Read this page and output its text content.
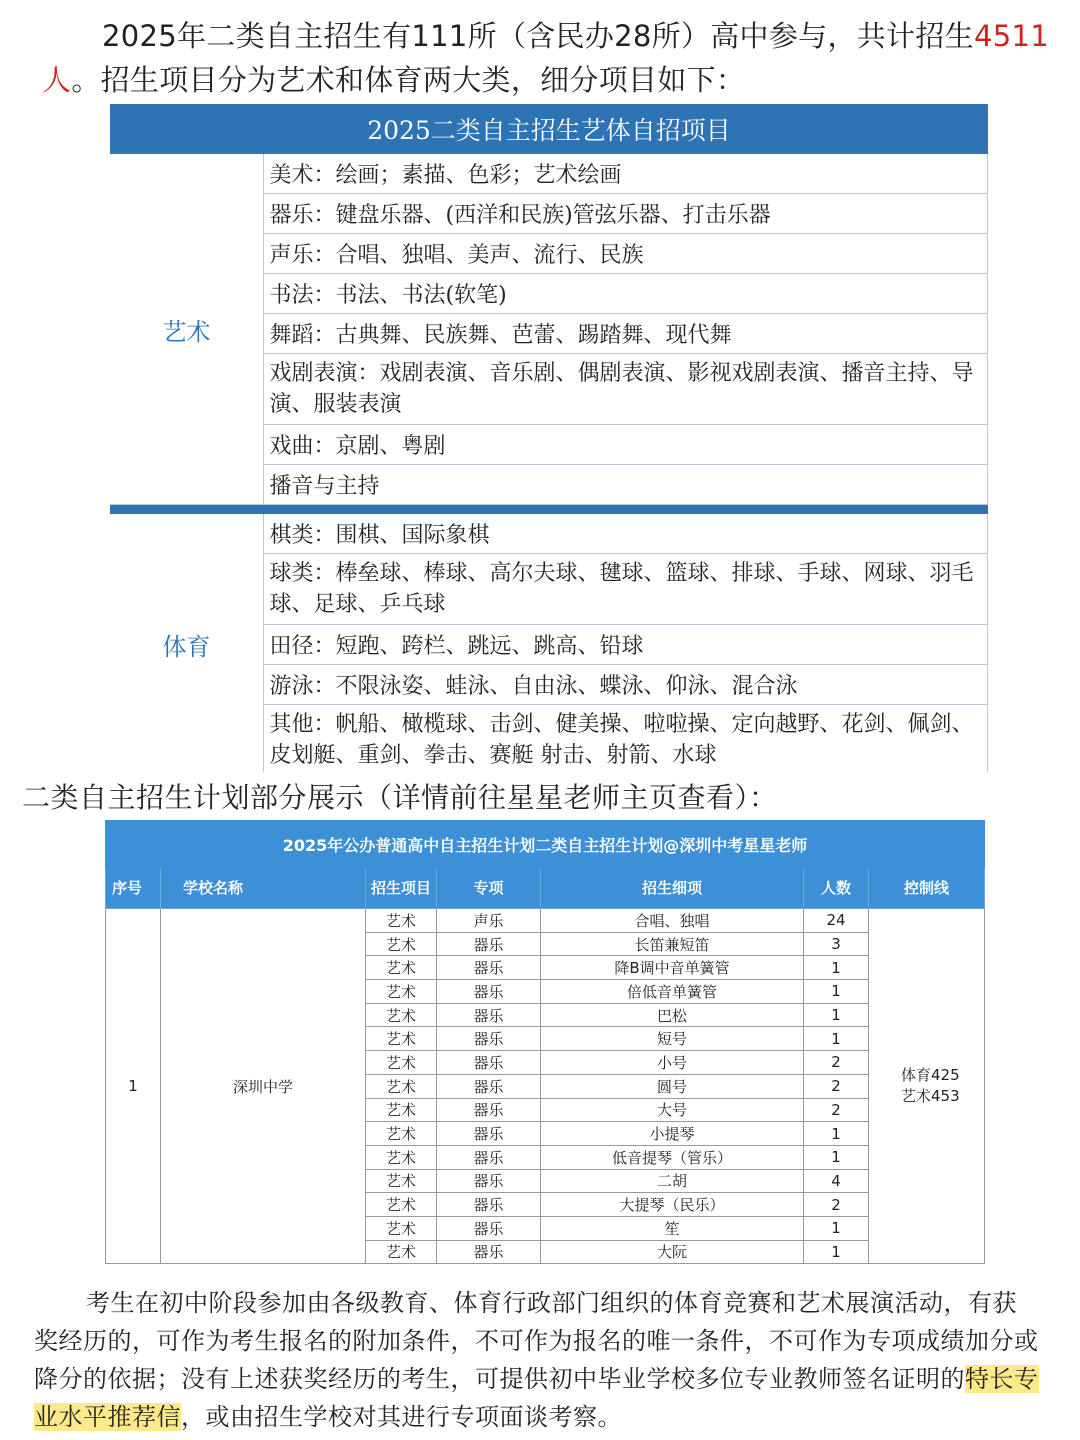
2025年二类自主招生有111所（含民办28所）高中参与，共计招生4511人。招生项目分为艺术和体育两大类，细分项目如下：
2025二类自主招生艺体自招项目	
艺术	美术：绘画；素描、色彩；艺术绘画
	器乐：键盘乐器、(西洋和民族)管弦乐器、打击乐器
	声乐：合唱、独唱、美声、流行、民族
	书法：书法、书法(软笔)
	舞蹈：古典舞、民族舞、芭蕾、踢踏舞、现代舞
	戏剧表演：戏剧表演、音乐剧、偶剧表演、影视戏剧表演、播音主持、导演、服装表演
	戏曲：京剧、粤剧
	播音与主持

体育	棋类：围棋、国际象棋
	球类：棒垒球、棒球、高尔夫球、毽球、篮球、排球、手球、网球、羽毛球、足球、乒乓球
	田径：短跑、跨栏、跳远、跳高、铅球
	游泳：不限泳姿、蛙泳、自由泳、蝶泳、仰泳、混合泳
	其他：帆船、橄榄球、击剑、健美操、啦啦操、定向越野、花剑、佩剑、皮划艇、重剑、拳击、赛艇 射击、射箭、水球
二类自主招生计划部分展示（详情前往星星老师主页查看）：
2025年公办普通高中自主招生计划二类自主招生计划@深圳中考星星老师						
序号	学校名称	招生项目	专项	招生细项	人数	控制线
1	深圳中学	艺术	声乐	合唱、独唱	24	体育425
艺术453

		艺术	器乐	长笛兼短笛	3	
		艺术	器乐	降B调中音单簧管	1	
		艺术	器乐	倍低音单簧管	1	
		艺术	器乐	巴松	1	
		艺术	器乐	短号	1	
		艺术	器乐	小号	2	
		艺术	器乐	圆号	2	
		艺术	器乐	大号	2	
		艺术	器乐	小提琴	1	
		艺术	器乐	低音提琴（管乐）	1	
		艺术	器乐	二胡	4	
		艺术	器乐	大提琴（民乐）	2	
		艺术	器乐	笙	1	
		艺术	器乐	大阮	1	
考生在初中阶段参加由各级教育、体育行政部门组织的体育竞赛和艺术展演活动，有获奖经历的，可作为考生报名的附加条件，不可作为报名的唯一条件，不可作为专项成绩加分或降分的依据；没有上述获奖经历的考生，可提供初中毕业学校多位专业教师签名证明的特长专业水平推荐信，或由招生学校对其进行专项面谈考察。
